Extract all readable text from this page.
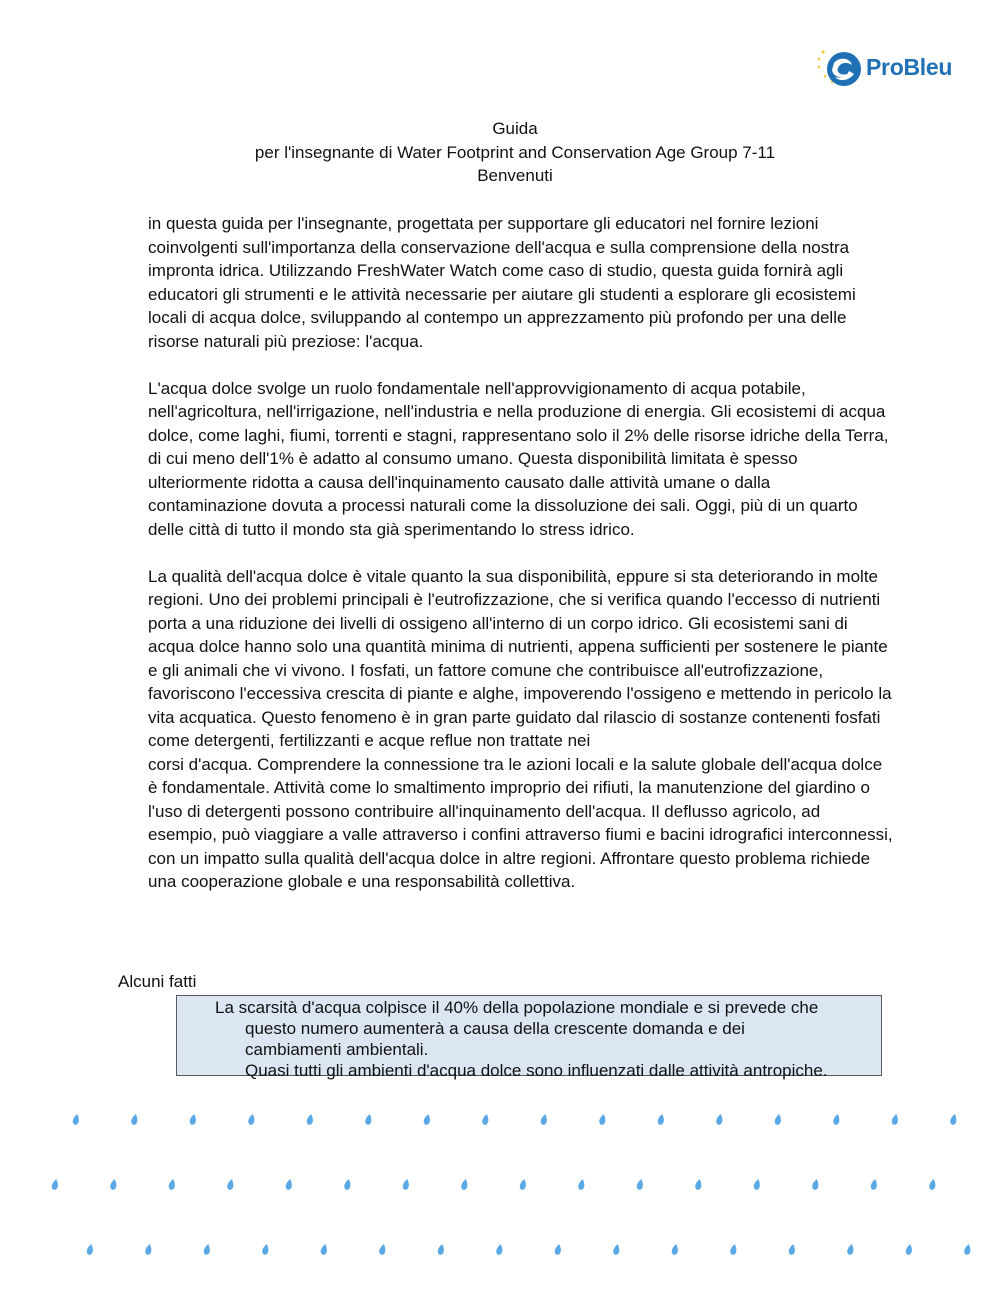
ProBleu
Guida
per l'insegnante di Water Footprint and Conservation Age Group 7-11
Benvenuti

in questa guida per l'insegnante, progettata per supportare gli educatori nel fornire lezioni coinvolgenti sull'importanza della conservazione dell'acqua e sulla comprensione della nostra impronta idrica. Utilizzando FreshWater Watch come caso di studio, questa guida fornirà agli educatori gli strumenti e le attività necessarie per aiutare gli studenti a esplorare gli ecosistemi locali di acqua dolce, sviluppando al contempo un apprezzamento più profondo per una delle risorse naturali più preziose: l'acqua.

L'acqua dolce svolge un ruolo fondamentale nell'approvvigionamento di acqua potabile, nell'agricoltura, nell'irrigazione, nell'industria e nella produzione di energia. Gli ecosistemi di acqua dolce, come laghi, fiumi, torrenti e stagni, rappresentano solo il 2% delle risorse idriche della Terra, di cui meno dell'1% è adatto al consumo umano. Questa disponibilità limitata è spesso ulteriormente ridotta a causa dell'inquinamento causato dalle attività umane o dalla contaminazione dovuta a processi naturali come la dissoluzione dei sali. Oggi, più di un quarto delle città di tutto il mondo sta già sperimentando lo stress idrico.

La qualità dell'acqua dolce è vitale quanto la sua disponibilità, eppure si sta deteriorando in molte regioni. Uno dei problemi principali è l'eutrofizzazione, che si verifica quando l'eccesso di nutrienti porta a una riduzione dei livelli di ossigeno all'interno di un corpo idrico. Gli ecosistemi sani di acqua dolce hanno solo una quantità minima di nutrienti, appena sufficienti per sostenere le piante e gli animali che vi vivono. I fosfati, un fattore comune che contribuisce all'eutrofizzazione, favoriscono l'eccessiva crescita di piante e alghe, impoverendo l'ossigeno e mettendo in pericolo la vita acquatica. Questo fenomeno è in gran parte guidato dal rilascio di sostanze contenenti fosfati come detergenti, fertilizzanti e acque reflue non trattate nei

corsi d'acqua. Comprendere la connessione tra le azioni locali e la salute globale dell'acqua dolce è fondamentale. Attività come lo smaltimento improprio dei rifiuti, la manutenzione del giardino o l'uso di detergenti possono contribuire all'inquinamento dell'acqua. Il deflusso agricolo, ad esempio, può viaggiare a valle attraverso i confini attraverso fiumi e bacini idrografici interconnessi, con un impatto sulla qualità dell'acqua dolce in altre regioni. Affrontare questo problema richiede una cooperazione globale e una responsabilità collettiva.

Alcuni fatti

La scarsità d'acqua colpisce il 40% della popolazione mondiale e si prevede che
questo numero aumenterà a causa della crescente domanda e dei
cambiamenti ambientali.

Quasi tutti gli ambienti d'acqua dolce sono influenzati dalle attività antropiche.
